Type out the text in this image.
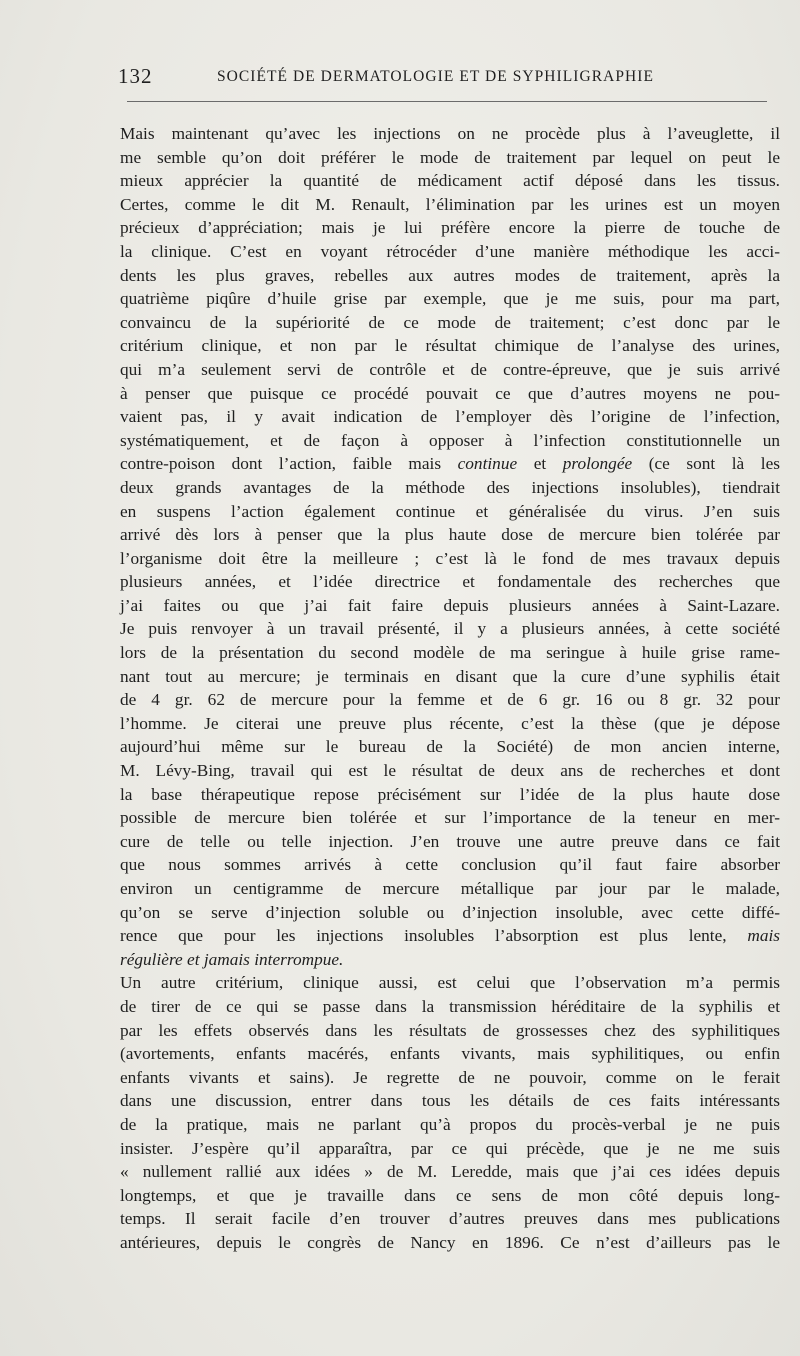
132	SOCIÉTÉ DE DERMATOLOGIE ET DE SYPHILIGRAPHIE
Mais maintenant qu’avec les injections on ne procède plus à l’aveuglette, il
me semble qu’on doit préférer le mode de traitement par lequel on peut le
mieux apprécier la quantité de médicament actif déposé dans les tissus.
Certes, comme le dit M. Renault, l’élimination par les urines est un moyen
précieux d’appréciation; mais je lui préfère encore la pierre de touche de
la clinique. C’est en voyant rétrocéder d’une manière méthodique les acci-
dents les plus graves, rebelles aux autres modes de traitement, après la
quatrième piqûre d’huile grise par exemple, que je me suis, pour ma part,
convaincu de la supériorité de ce mode de traitement; c’est donc par le
critérium clinique, et non par le résultat chimique de l’analyse des urines,
qui m’a seulement servi de contrôle et de contre-épreuve, que je suis arrivé
à penser que puisque ce procédé pouvait ce que d’autres moyens ne pou-
vaient pas, il y avait indication de l’employer dès l’origine de l’infection,
systématiquement, et de façon à opposer à l’infection constitutionnelle un
contre-poison dont l’action, faible mais continue et prolongée (ce sont là les
deux grands avantages de la méthode des injections insolubles), tiendrait
en suspens l’action également continue et généralisée du virus. J’en suis
arrivé dès lors à penser que la plus haute dose de mercure bien tolérée par
l’organisme doit être la meilleure ; c’est là le fond de mes travaux depuis
plusieurs années, et l’idée directrice et fondamentale des recherches que
j’ai faites ou que j’ai fait faire depuis plusieurs années à Saint-Lazare.
Je puis renvoyer à un travail présenté, il y a plusieurs années, à cette société
lors de la présentation du second modèle de ma seringue à huile grise rame-
nant tout au mercure; je terminais en disant que la cure d’une syphilis était
de 4 gr. 62 de mercure pour la femme et de 6 gr. 16 ou 8 gr. 32 pour
l’homme. Je citerai une preuve plus récente, c’est la thèse (que je dépose
aujourd’hui même sur le bureau de la Société) de mon ancien interne,
M. Lévy-Bing, travail qui est le résultat de deux ans de recherches et dont
la base thérapeutique repose précisément sur l’idée de la plus haute dose
possible de mercure bien tolérée et sur l’importance de la teneur en mer-
cure de telle ou telle injection. J’en trouve une autre preuve dans ce fait
que nous sommes arrivés à cette conclusion qu’il faut faire absorber
environ un centigramme de mercure métallique par jour par le malade,
qu’on se serve d’injection soluble ou d’injection insoluble, avec cette diffé-
rence que pour les injections insolubles l’absorption est plus lente, mais
régulière et jamais interrompue.
Un autre critérium, clinique aussi, est celui que l’observation m’a permis
de tirer de ce qui se passe dans la transmission héréditaire de la syphilis et
par les effets observés dans les résultats de grossesses chez des syphilitiques
(avortements, enfants macérés, enfants vivants, mais syphilitiques, ou enfin
enfants vivants et sains). Je regrette de ne pouvoir, comme on le ferait
dans une discussion, entrer dans tous les détails de ces faits intéressants
de la pratique, mais ne parlant qu’à propos du procès-verbal je ne puis
insister. J’espère qu’il apparaîtra, par ce qui précède, que je ne me suis
« nullement rallié aux idées » de M. Leredde, mais que j’ai ces idées depuis
longtemps, et que je travaille dans ce sens de mon côté depuis long-
temps. Il serait facile d’en trouver d’autres preuves dans mes publications
antérieures, depuis le congrès de Nancy en 1896. Ce n’est d’ailleurs pas le
